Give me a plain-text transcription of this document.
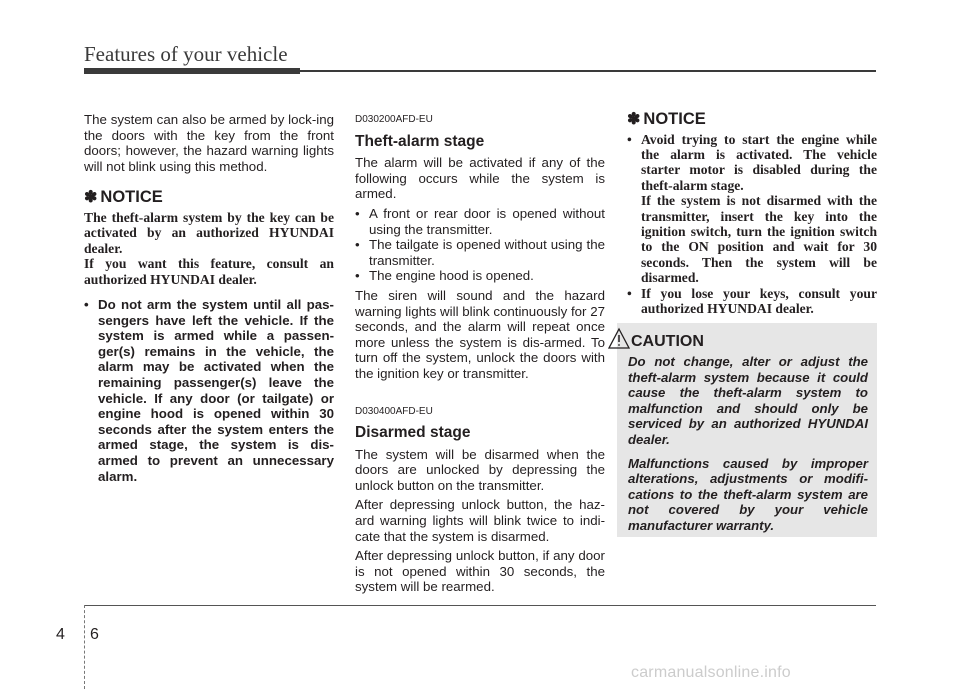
Features of your vehicle

The system can also be armed by lock-ing the doors with the key from the front doors; however, the hazard warning lights will not blink using this method.

✽ NOTICE

The theft-alarm system by the key can be activated by an authorized HYUNDAI dealer.

If you want this feature, consult an authorized HYUNDAI dealer.

• Do not arm the system until all pas-sengers have left the vehicle. If the system is armed while a passen-ger(s) remains in the vehicle, the alarm may be activated when the remaining passenger(s) leave the vehicle. If any door (or tailgate) or engine hood is opened within 30 seconds after the system enters the armed stage, the system is dis-armed to prevent an unnecessary alarm.
D030200AFD-EU
Theft-alarm stage

The alarm will be activated if any of the following occurs while the system is armed.

• A front or rear door is opened without using the transmitter.
• The tailgate is opened without using the transmitter.
• The engine hood is opened.

The siren will sound and the hazard warning lights will blink continuously for 27 seconds, and the alarm will repeat once more unless the system is dis-armed. To turn off the system, unlock the doors with the ignition key or transmitter.

D030400AFD-EU
Disarmed stage

The system will be disarmed when the doors are unlocked by depressing the unlock button on the transmitter.

After depressing unlock button, the haz-ard warning lights will blink twice to indi-cate that the system is disarmed.

After depressing unlock button, if any door is not opened within 30 seconds, the system will be rearmed.

✽ NOTICE
• Avoid trying to start the engine while the alarm is activated. The vehicle starter motor is disabled during the theft-alarm stage.
If the system is not disarmed with the transmitter, insert the key into the ignition switch, turn the ignition switch to the ON position and wait for 30 seconds. Then the system will be disarmed.
• If you lose your keys, consult your authorized HYUNDAI dealer.
CAUTION

Do not change, alter or adjust the theft-alarm system because it could cause the theft-alarm system to malfunction and should only be serviced by an authorized HYUNDAI dealer.

Malfunctions caused by improper alterations, adjustments or modifi-cations to the theft-alarm system are not covered by your vehicle manufacturer warranty.

4 6
carmanualsonline.info
